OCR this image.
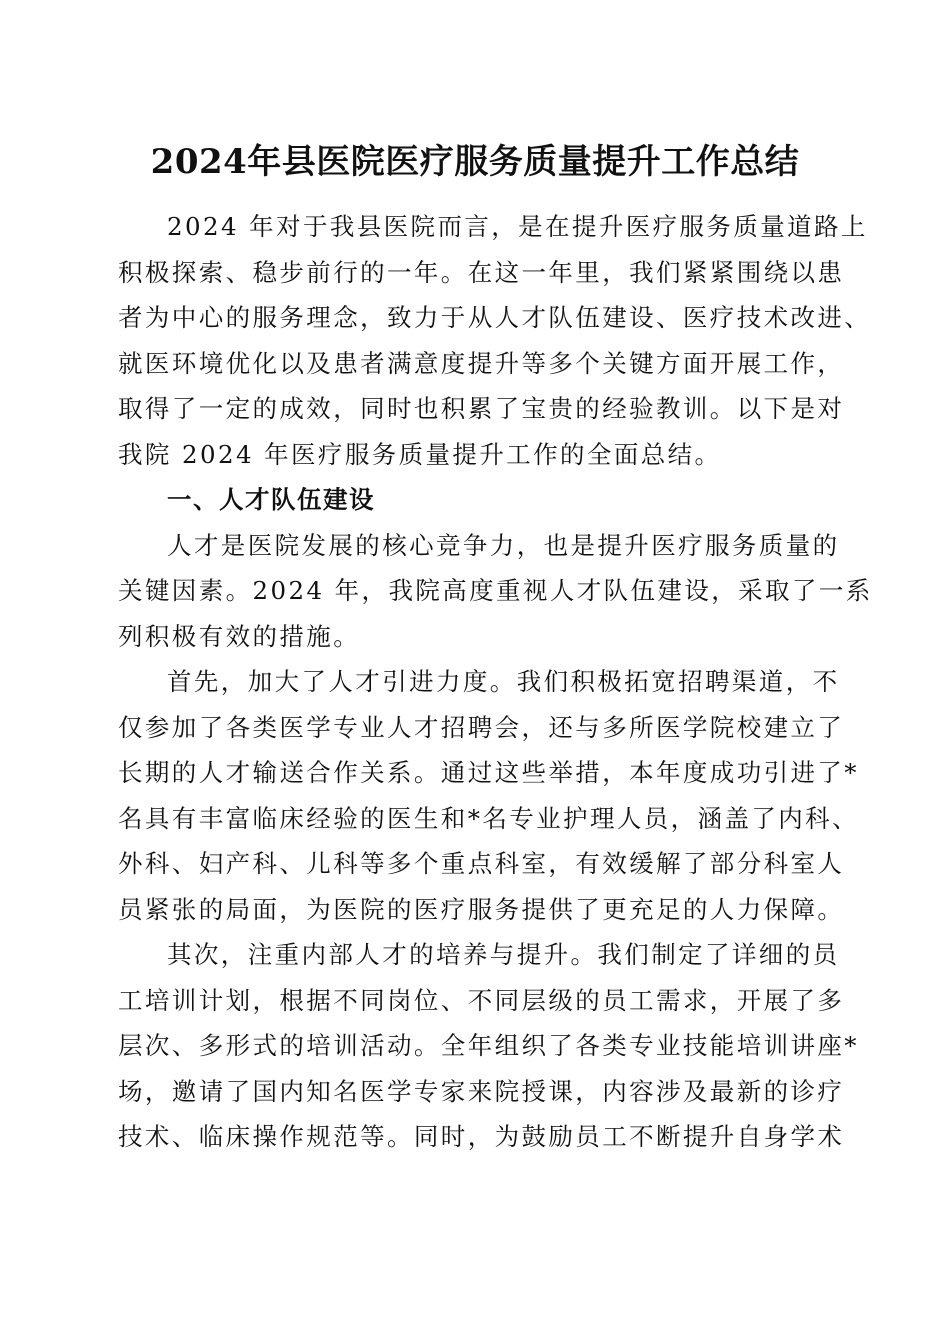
2024年县医院医疗服务质量提升工作总结

2024 年对于我县医院而言，是在提升医疗服务质量道路上
积极探索、稳步前行的一年。在这一年里，我们紧紧围绕以患
者为中心的服务理念，致力于从人才队伍建设、医疗技术改进、
就医环境优化以及患者满意度提升等多个关键方面开展工作，
取得了一定的成效，同时也积累了宝贵的经验教训。以下是对
我院 2024 年医疗服务质量提升工作的全面总结。

一、人才队伍建设

人才是医院发展的核心竞争力，也是提升医疗服务质量的
关键因素。2024 年，我院高度重视人才队伍建设，采取了一系
列积极有效的措施。

首先，加大了人才引进力度。我们积极拓宽招聘渠道，不
仅参加了各类医学专业人才招聘会，还与多所医学院校建立了
长期的人才输送合作关系。通过这些举措，本年度成功引进了*
名具有丰富临床经验的医生和*名专业护理人员，涵盖了内科、
外科、妇产科、儿科等多个重点科室，有效缓解了部分科室人
员紧张的局面，为医院的医疗服务提供了更充足的人力保障。

其次，注重内部人才的培养与提升。我们制定了详细的员
工培训计划，根据不同岗位、不同层级的员工需求，开展了多
层次、多形式的培训活动。全年组织了各类专业技能培训讲座*
场，邀请了国内知名医学专家来院授课，内容涉及最新的诊疗
技术、临床操作规范等。同时，为鼓励员工不断提升自身学术
